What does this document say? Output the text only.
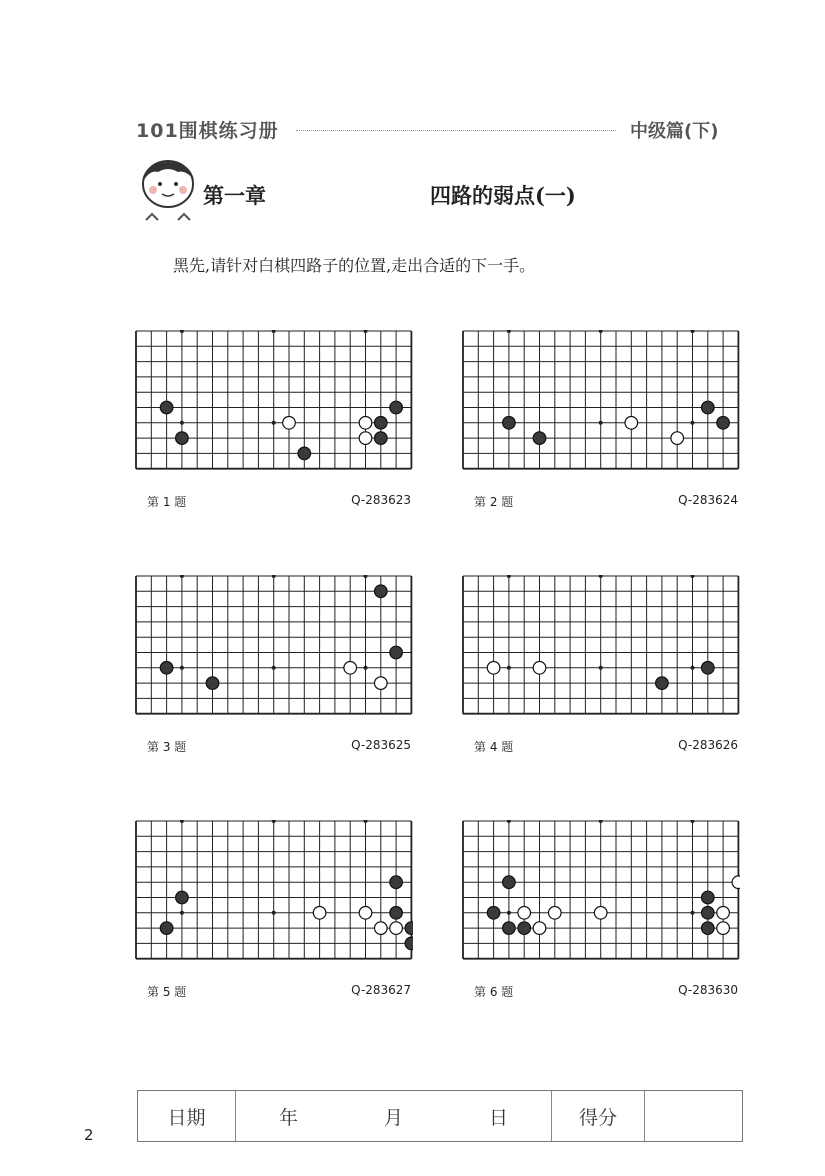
101围棋练习册	中级篇(下)
第一章	四路的弱点(一)
黑先,请针对白棋四路子的位置,走出合适的下一手。
第 1 题	Q-283623	第 2 题	Q-283624
第 3 题	Q-283625	第 4 题	Q-283626
第 5 题	Q-283627	第 6 题	Q-283630
日期	年	月	日	得分
2
